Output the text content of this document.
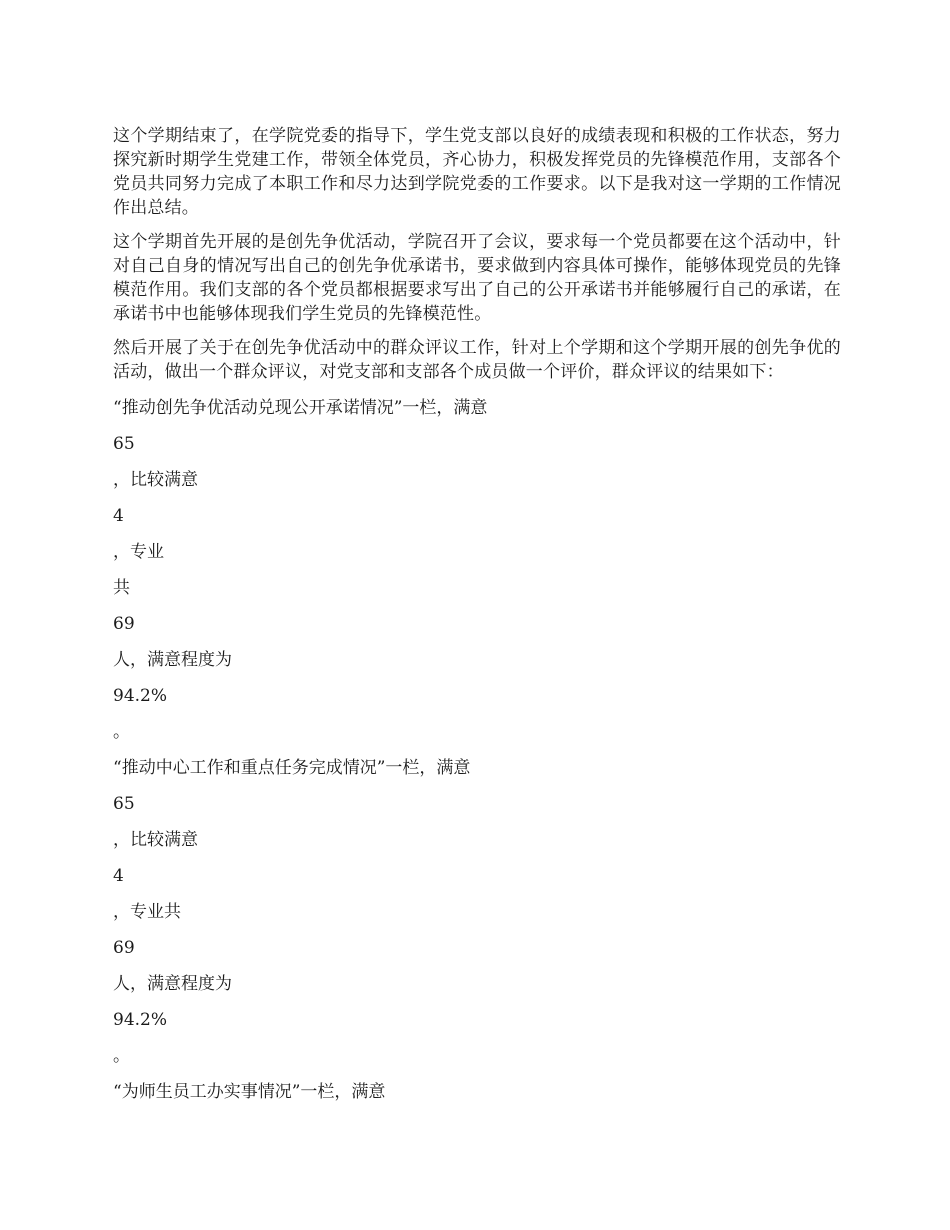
这个学期结束了，在学院党委的指导下，学生党支部以良好的成绩表现和积极的工作状态，努力探究新时期学生党建工作，带领全体党员，齐心协力，积极发挥党员的先锋模范作用，支部各个党员共同努力完成了本职工作和尽力达到学院党委的工作要求。以下是我对这一学期的工作情况作出总结。

这个学期首先开展的是创先争优活动，学院召开了会议，要求每一个党员都要在这个活动中，针对自己自身的情况写出自己的创先争优承诺书，要求做到内容具体可操作，能够体现党员的先锋模范作用。我们支部的各个党员都根据要求写出了自己的公开承诺书并能够履行自己的承诺，在承诺书中也能够体现我们学生党员的先锋模范性。

然后开展了关于在创先争优活动中的群众评议工作，针对上个学期和这个学期开展的创先争优的活动，做出一个群众评议，对党支部和支部各个成员做一个评价，群众评议的结果如下：

“推动创先争优活动兑现公开承诺情况”一栏，满意

65

，比较满意

4

，专业

共

69

人，满意程度为

94.2%

。

“推动中心工作和重点任务完成情况”一栏，满意

65

，比较满意

4

，专业共

69

人，满意程度为

94.2%

。

“为师生员工办实事情况”一栏，满意
